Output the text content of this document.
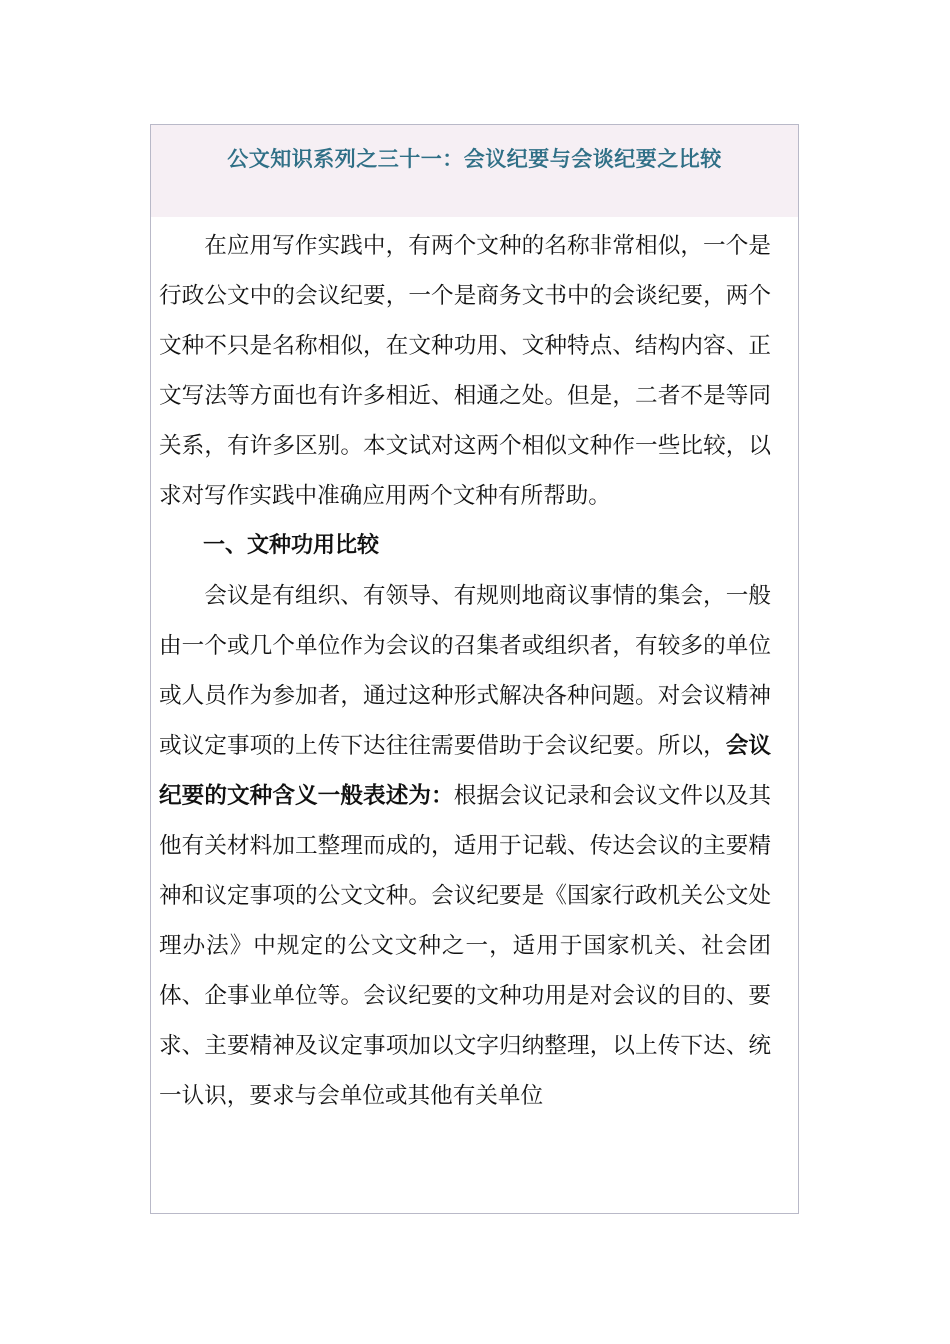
公文知识系列之三十一：会议纪要与会谈纪要之比较

在应用写作实践中，有两个文种的名称非常相似，一个是行政公文中的会议纪要，一个是商务文书中的会谈纪要，两个文种不只是名称相似，在文种功用、文种特点、结构内容、正文写法等方面也有许多相近、相通之处。但是，二者不是等同关系，有许多区别。本文试对这两个相似文种作一些比较，以求对写作实践中准确应用两个文种有所帮助。

一、文种功用比较

会议是有组织、有领导、有规则地商议事情的集会，一般由一个或几个单位作为会议的召集者或组织者，有较多的单位或人员作为参加者，通过这种形式解决各种问题。对会议精神或议定事项的上传下达往往需要借助于会议纪要。所以，会议纪要的文种含义一般表述为：根据会议记录和会议文件以及其他有关材料加工整理而成的，适用于记载、传达会议的主要精神和议定事项的公文文种。会议纪要是《国家行政机关公文处理办法》中规定的公文文种之一，适用于国家机关、社会团体、企事业单位等。会议纪要的文种功用是对会议的目的、要求、主要精神及议定事项加以文字归纳整理，以上传下达、统一认识，要求与会单位或其他有关单位
